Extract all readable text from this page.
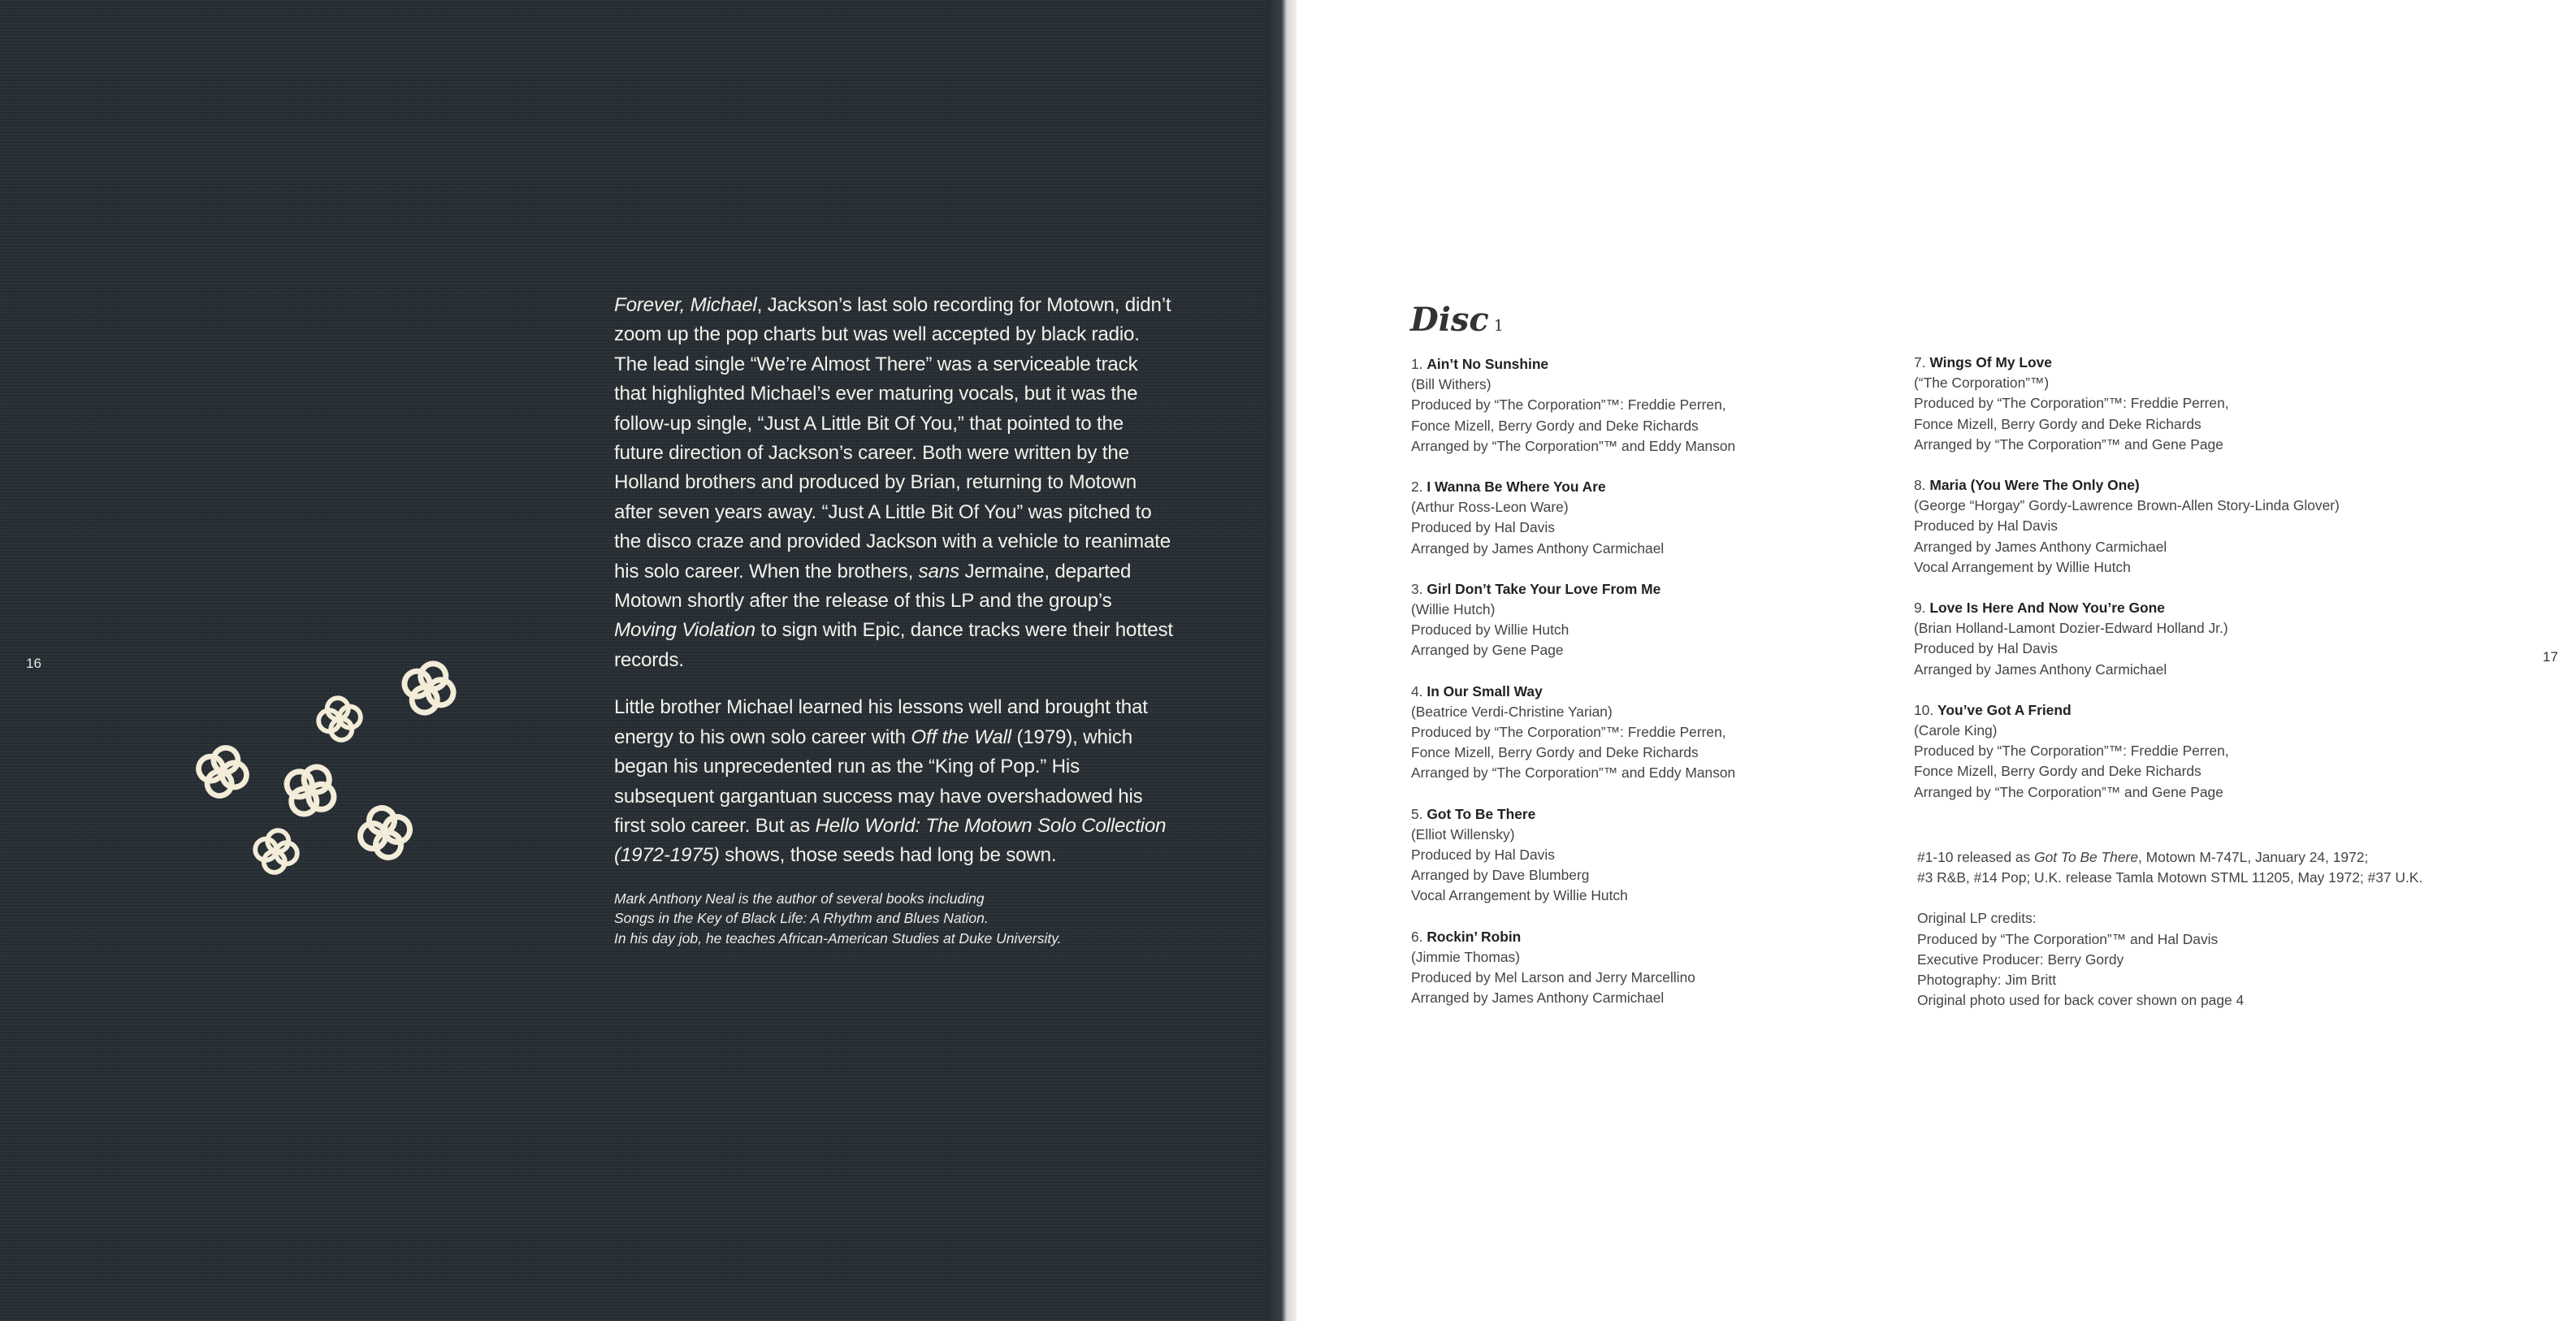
16

Forever, Michael, Jackson’s last solo recording for Motown, didn’t zoom up the pop charts but was well accepted by black radio. The lead single “We’re Almost There” was a serviceable track that highlighted Michael’s ever maturing vocals, but it was the follow-up single, “Just A Little Bit Of You,” that pointed to the future direction of Jackson’s career. Both were written by the Holland brothers and produced by Brian, returning to Motown after seven years away. “Just A Little Bit Of You” was pitched to the disco craze and provided Jackson with a vehicle to reanimate his solo career. When the brothers, sans Jermaine, departed Motown shortly after the release of this LP and the group’s Moving Violation to sign with Epic, dance tracks were their hottest records.

Little brother Michael learned his lessons well and brought that energy to his own solo career with Off the Wall (1979), which began his unprecedented run as the “King of Pop.” His subsequent gargantuan success may have overshadowed his first solo career. But as Hello World: The Motown Solo Collection (1972-1975) shows, those seeds had long be sown.

Mark Anthony Neal is the author of several books including
Songs in the Key of Black Life: A Rhythm and Blues Nation.
In his day job, he teaches African-American Studies at Duke University.
Disc 1
1. Ain’t No Sunshine
(Bill Withers)
Produced by “The Corporation”™: Freddie Perren,
Fonce Mizell, Berry Gordy and Deke Richards
Arranged by “The Corporation”™ and Eddy Manson
2. I Wanna Be Where You Are
(Arthur Ross-Leon Ware)
Produced by Hal Davis
Arranged by James Anthony Carmichael
3. Girl Don’t Take Your Love From Me
(Willie Hutch)
Produced by Willie Hutch
Arranged by Gene Page
4. In Our Small Way
(Beatrice Verdi-Christine Yarian)
Produced by “The Corporation”™: Freddie Perren,
Fonce Mizell, Berry Gordy and Deke Richards
Arranged by “The Corporation”™ and Eddy Manson
5. Got To Be There
(Elliot Willensky)
Produced by Hal Davis
Arranged by Dave Blumberg
Vocal Arrangement by Willie Hutch
6. Rockin’ Robin
(Jimmie Thomas)
Produced by Mel Larson and Jerry Marcellino
Arranged by James Anthony Carmichael
7. Wings Of My Love
(“The Corporation”™)
Produced by “The Corporation”™: Freddie Perren,
Fonce Mizell, Berry Gordy and Deke Richards
Arranged by “The Corporation”™ and Gene Page
8. Maria (You Were The Only One)
(George “Horgay” Gordy-Lawrence Brown-Allen Story-Linda Glover)
Produced by Hal Davis
Arranged by James Anthony Carmichael
Vocal Arrangement by Willie Hutch
9. Love Is Here And Now You’re Gone
(Brian Holland-Lamont Dozier-Edward Holland Jr.)
Produced by Hal Davis
Arranged by James Anthony Carmichael
10. You’ve Got A Friend
(Carole King)
Produced by “The Corporation”™: Freddie Perren,
Fonce Mizell, Berry Gordy and Deke Richards
Arranged by “The Corporation”™ and Gene Page
#1-10 released as Got To Be There, Motown M-747L, January 24, 1972;
#3 R&B, #14 Pop; U.K. release Tamla Motown STML 11205, May 1972; #37 U.K.
Original LP credits:
Produced by “The Corporation”™ and Hal Davis
Executive Producer: Berry Gordy
Photography: Jim Britt
Original photo used for back cover shown on page 4
17
